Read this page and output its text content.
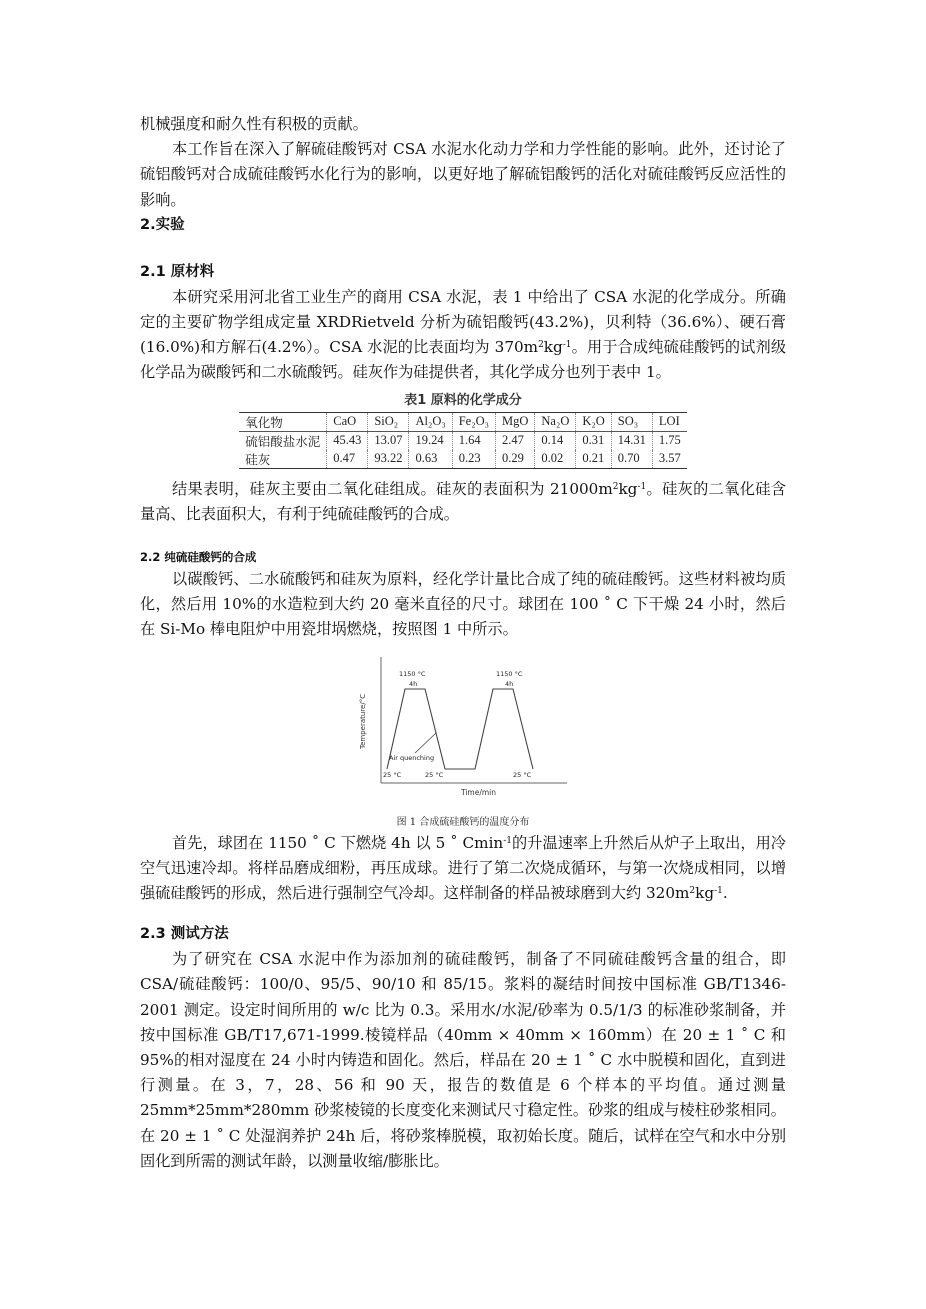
机械强度和耐久性有积极的贡献。

本工作旨在深入了解硫硅酸钙对 CSA 水泥水化动力学和力学性能的影响。此外，还讨论了硫铝酸钙对合成硫硅酸钙水化行为的影响，以更好地了解硫铝酸钙的活化对硫硅酸钙反应活性的影响。

2.实验
2.1 原材料

本研究采用河北省工业生产的商用 CSA 水泥，表 1 中给出了 CSA 水泥的化学成分。所确定的主要矿物学组成定量 XRDRietveld 分析为硫铝酸钙(43.2%)，贝利特（36.6%）、硬石膏(16.0%)和方解石(4.2%）。CSA 水泥的比表面均为 $370m^2kg^{-1}$。用于合成纯硫硅酸钙的试剂级化学品为碳酸钙和二水硫酸钙。硅灰作为硅提供者，其化学成分也列于表中 1。

表1 原料的化学成分
氧化物	CaO	SiO₂	Al₂O₃	Fe₂O₃	MgO	Na₂O	K₂O	SO₃	LOI
硫铝酸盐水泥	45.43	13.07	19.24	1.64	2.47	0.14	0.31	14.31	1.75
硅灰	0.47	93.22	0.63	0.23	0.29	0.02	0.21	0.70	3.57

结果表明，硅灰主要由二氧化硅组成。硅灰的表面积为 $21000m^2kg^{-1}$。硅灰的二氧化硅含量高、比表面积大，有利于纯硫硅酸钙的合成。

2.2 纯硫硅酸钙的合成

以碳酸钙、二水硫酸钙和硅灰为原料，经化学计量比合成了纯的硫硅酸钙。这些材料被均质化，然后用 10%的水造粒到大约 20 毫米直径的尺寸。球团在 100 ˚ C 下干燥 24 小时，然后在 Si-Mo 棒电阻炉中用瓷坩埚燃烧，按照图 1 中所示。

Temperature/°C
Time/min
1150 °C
4h
1150 °C
4h
Air quenching
25 °C	25 °C	25 °C
图 1 合成硫硅酸钙的温度分布

首先，球团在 1150 ˚ C 下燃烧 4h 以 5 ˚ Cmin$^{-1}$的升温速率上升然后从炉子上取出，用冷空气迅速冷却。将样品磨成细粉，再压成球。进行了第二次烧成循环，与第一次烧成相同，以增强硫硅酸钙的形成，然后进行强制空气冷却。这样制备的样品被球磨到大约 $320m^2kg^{-1}$.

2.3 测试方法

为了研究在 CSA 水泥中作为添加剂的硫硅酸钙，制备了不同硫硅酸钙含量的组合，即 CSA/硫硅酸钙：100/0、95/5、90/10 和 85/15。浆料的凝结时间按中国标准 GB/T1346-2001 测定。设定时间所用的 w/c 比为 0.3。采用水/水泥/砂率为 0.5/1/3 的标准砂浆制备，并按中国标准 GB/T17,671-1999.棱镜样品（40mm × 40mm × 160mm）在 20 ± 1 ˚ C 和 95%的相对湿度在 24 小时内铸造和固化。然后，样品在 20 ± 1 ˚ C 水中脱模和固化，直到进行测量。在 3，7，28、56 和 90 天，报告的数值是 6 个样本的平均值。通过测量 25mm*25mm*280mm 砂浆棱镜的长度变化来测试尺寸稳定性。砂浆的组成与棱柱砂浆相同。在 20 ± 1 ˚ C 处湿润养护 24h 后，将砂浆棒脱模，取初始长度。随后，试样在空气和水中分别固化到所需的测试年龄，以测量收缩/膨胀比。
